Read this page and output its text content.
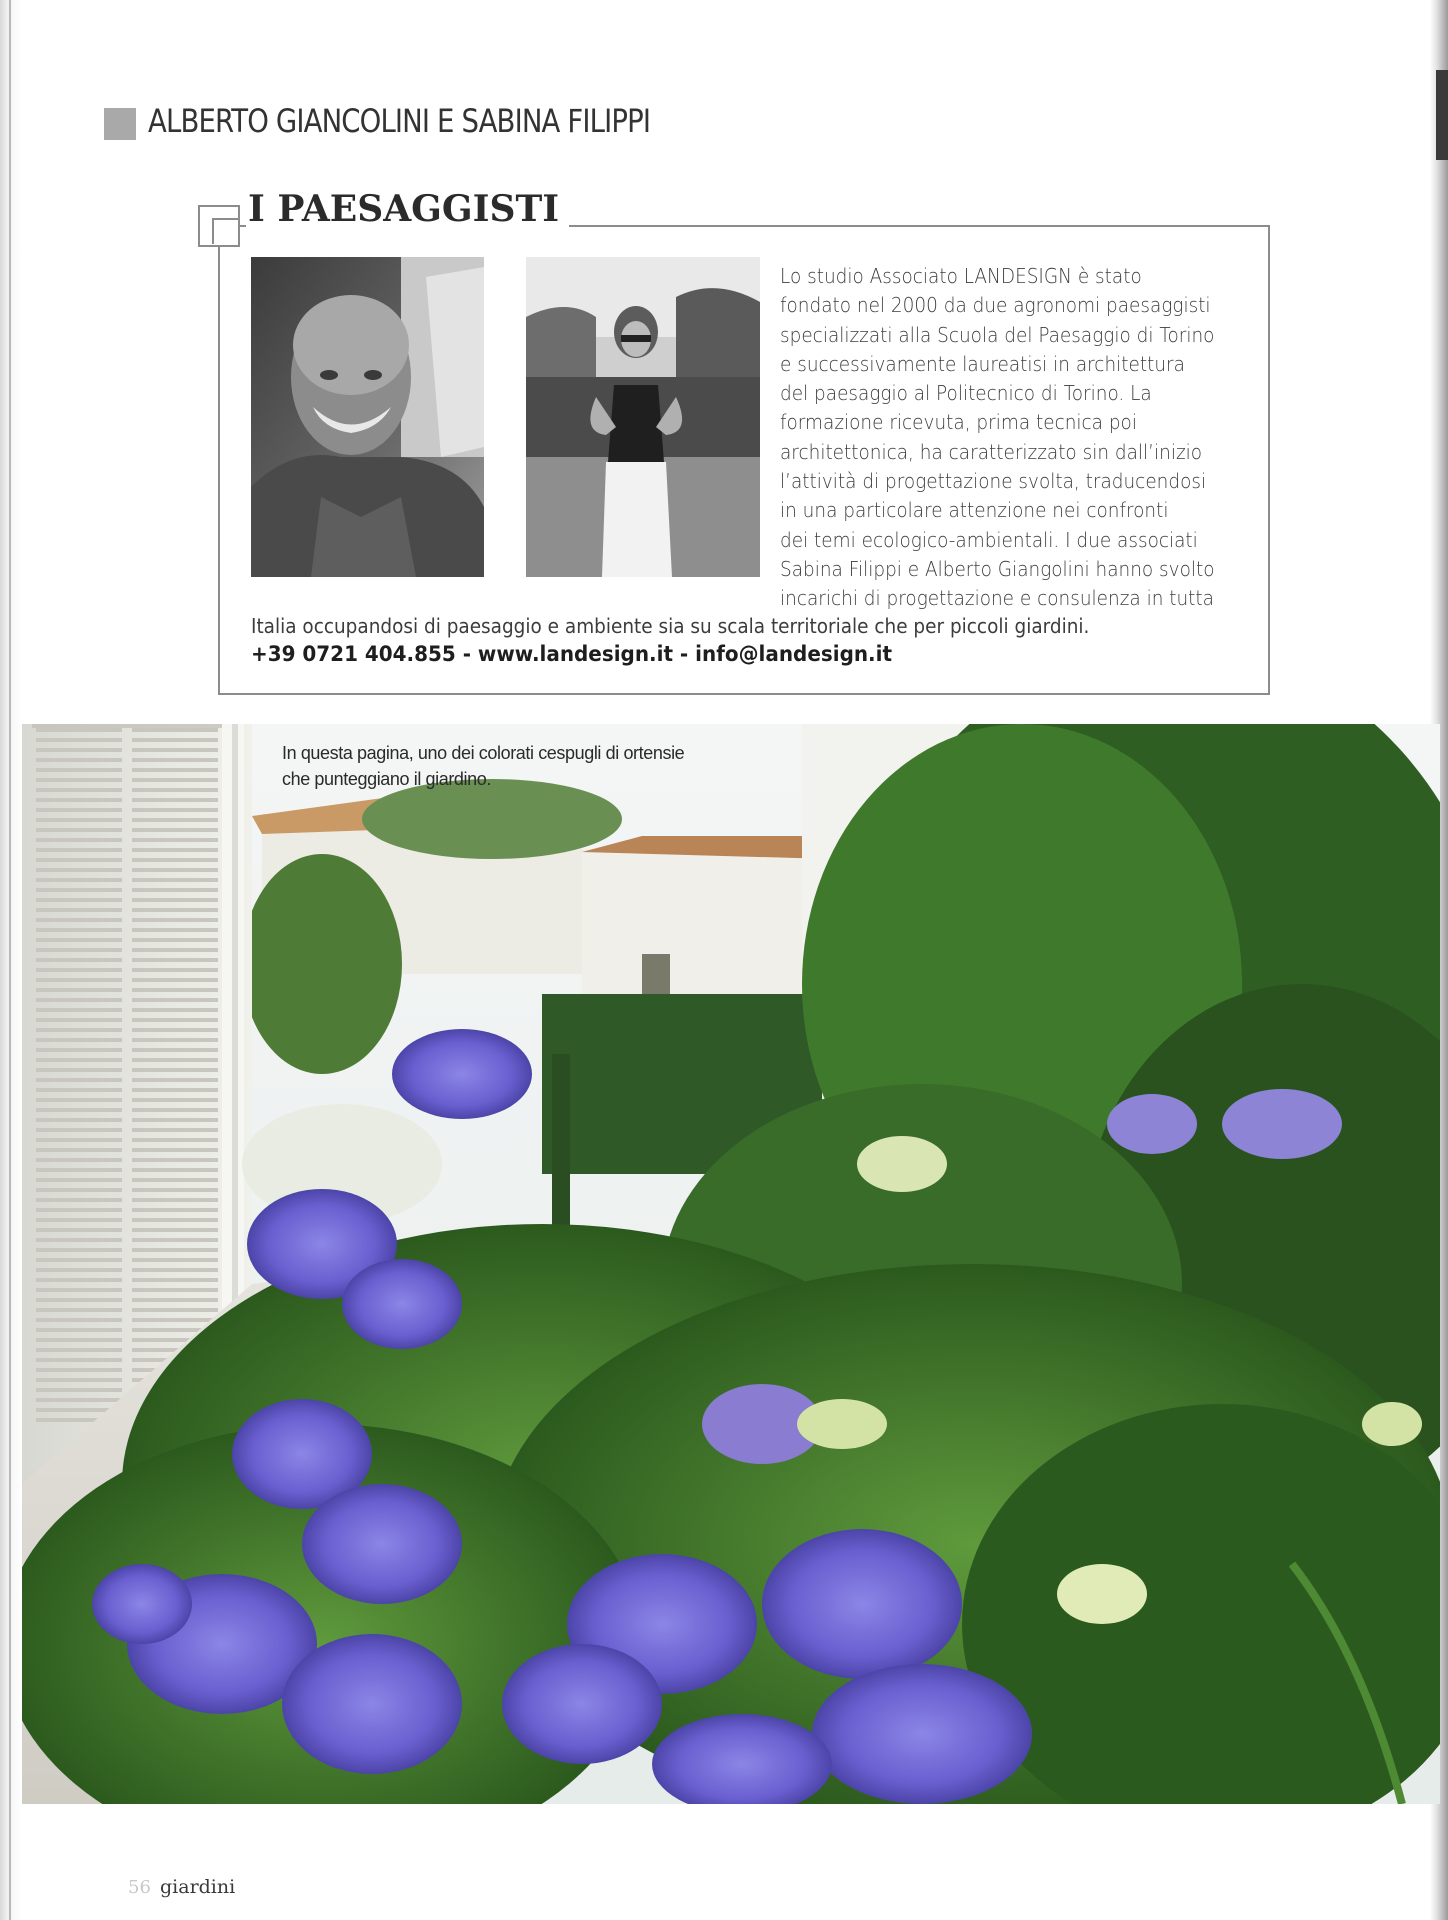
ALBERTO GIANCOLINI E SABINA FILIPPI
I PAESAGGISTI
Lo studio Associato LANDESIGN è stato
fondato nel 2000 da due agronomi paesaggisti
specializzati alla Scuola del Paesaggio di Torino
e successivamente laureatisi in architettura
del paesaggio al Politecnico di Torino. La
formazione ricevuta, prima tecnica poi
architettonica, ha caratterizzato sin dall’inizio
l’attività di progettazione svolta, traducendosi
in una particolare attenzione nei confronti
dei temi ecologico-ambientali. I due associati
Sabina Filippi e Alberto Giangolini hanno svolto
incarichi di progettazione e consulenza in tutta
Italia occupandosi di paesaggio e ambiente sia su scala territoriale che per piccoli giardini.
+39 0721 404.855 - www.landesign.it - info@landesign.it
In questa pagina, uno dei colorati cespugli di ortensie
che punteggiano il giardino.
56 giardini
